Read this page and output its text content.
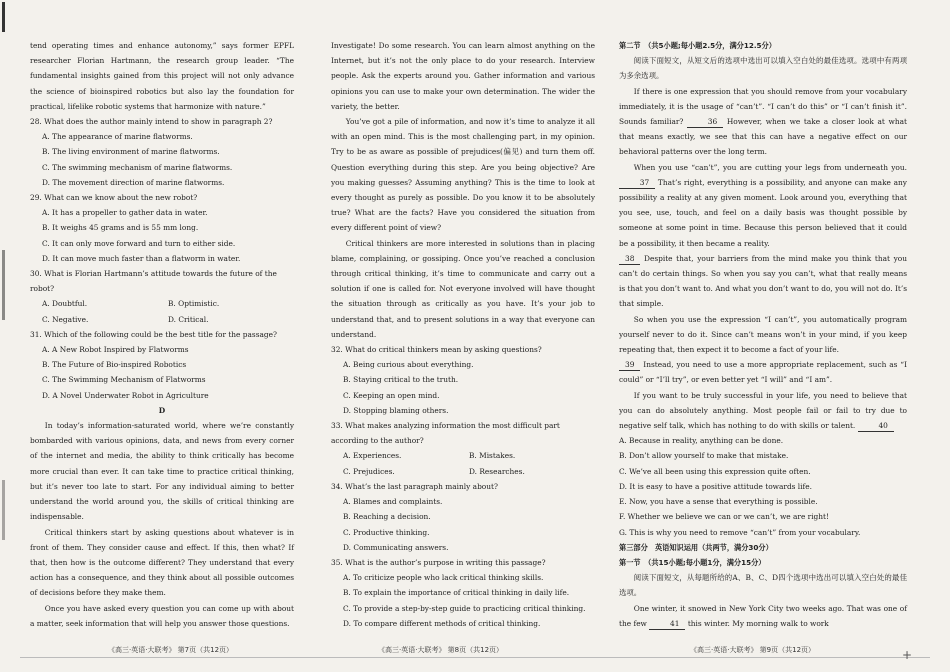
tend operating times and enhance autonomy,” says former EPFL researcher Florian Hartmann, the research group leader. “The fundamental insights gained from this project will not only advance the science of bioinspired robotics but also lay the foundation for practical, lifelike robotic systems that harmonize with nature.”

28. What does the author mainly intend to show in paragraph 2?

A. The appearance of marine flatworms.

B. The living environment of marine flatworms.

C. The swimming mechanism of marine flatworms.

D. The movement direction of marine flatworms.

29. What can we know about the new robot?

A. It has a propeller to gather data in water.

B. It weighs 45 grams and is 55 mm long.

C. It can only move forward and turn to either side.

D. It can move much faster than a flatworm in water.

30. What is Florian Hartmann’s attitude towards the future of the robot?

A. Doubtful.	B. Optimistic.
C. Negative.	D. Critical.

31. Which of the following could be the best title for the passage?

A. A New Robot Inspired by Flatworms

B. The Future of Bio-inspired Robotics

C. The Swimming Mechanism of Flatworms

D. A Novel Underwater Robot in Agriculture

D

In today’s information-saturated world, where we’re constantly bombarded with various opinions, data, and news from every corner of the internet and media, the ability to think critically has become more crucial than ever. It can take time to practice critical thinking, but it’s never too late to start. For any individual aiming to better understand the world around you, the skills of critical thinking are indispensable.

Critical thinkers start by asking questions about whatever is in front of them. They consider cause and effect. If this, then what? If that, then how is the outcome different? They understand that every action has a consequence, and they think about all possible outcomes of decisions before they make them.

Once you have asked every question you can come up with about a matter, seek information that will help you answer those questions.

Investigate! Do some research. You can learn almost anything on the Internet, but it’s not the only place to do your research. Interview people. Ask the experts around you. Gather information and various opinions you can use to make your own determination. The wider the variety, the better.

You’ve got a pile of information, and now it’s time to analyze it all with an open mind. This is the most challenging part, in my opinion. Try to be as aware as possible of prejudices(偏见) and turn them off. Question everything during this step. Are you being objective? Are you making guesses? Assuming anything? This is the time to look at every thought as purely as possible. Do you know it to be absolutely true? What are the facts? Have you considered the situation from every different point of view?

Critical thinkers are more interested in solutions than in placing blame, complaining, or gossiping. Once you’ve reached a conclusion through critical thinking, it’s time to communicate and carry out a solution if one is called for. Not everyone involved will have thought the situation through as critically as you have. It’s your job to understand that, and to present solutions in a way that everyone can understand.

32. What do critical thinkers mean by asking questions?

A. Being curious about everything.

B. Staying critical to the truth.

C. Keeping an open mind.

D. Stopping blaming others.

33. What makes analyzing information the most difficult part according to the author?

A. Experiences.	B. Mistakes.
C. Prejudices.	D. Researches.

34. What’s the last paragraph mainly about?

A. Blames and complaints.

B. Reaching a decision.

C. Productive thinking.

D. Communicating answers.

35. What is the author’s purpose in writing this passage?

A. To criticize people who lack critical thinking skills.

B. To explain the importance of critical thinking in daily life.

C. To provide a step-by-step guide to practicing critical thinking.

D. To compare different methods of critical thinking.

第二节　（共5小题;每小题2.5分，满分12.5分）

阅读下面短文，从短文后的选项中选出可以填入空白处的最佳选项。选项中有两项为多余选项。

If there is one expression that you should remove from your vocabulary immediately, it is the usage of “can’t”. “I can’t do this” or “I can’t finish it”. Sounds familiar?	36 However, when we take a closer look at what that means exactly, we see that this can have a negative effect on our behavioral patterns over the long term.

When you use “can’t”, you are cutting your legs from underneath you. 37 That’s right, everything is a possibility, and anyone can make any possibility a reality at any given moment. Look around you, everything that you see, use, touch, and feel on a daily basis was thought possible by someone at some point in time. Because this person believed that it could be a possibility, it then became a reality.

38 Despite that, your barriers from the mind make you think that you can’t do certain things. So when you say you can’t, what that really means is that you don’t want to. And what you don’t want to do, you will not do. It’s that simple.

So when you use the expression “I can’t”, you automatically program yourself never to do it. Since can’t means won’t in your mind, if you keep repeating that, then expect it to become a fact of your life.

39 Instead, you need to use a more appropriate replacement, such as “I could” or “I’ll try”, or even better yet “I will” and “I am”.

If you want to be truly successful in your life, you need to believe that you can do absolutely anything. Most people fail or fail to try due to negative self talk, which has nothing to do with skills or talent.	40

A. Because in reality, anything can be done.

B. Don’t allow yourself to make that mistake.

C. We’ve all been using this expression quite often.

D. It is easy to have a positive attitude towards life.

E. Now, you have a sense that everything is possible.

F. Whether we believe we can or we can’t, we are right!

G. This is why you need to remove “can’t” from your vocabulary.

第三部分　英语知识运用（共两节，满分30分）

第一节　（共15小题;每小题1分，满分15分）

阅读下面短文，从每题所给的A、B、C、D四个选项中选出可以填入空白处的最佳选项。

One winter, it snowed in New York City two weeks ago. That was one of the few	41 this winter. My morning walk to work

《高三·英语·大联考》 第7页（共12页）	《高三·英语·大联考》 第8页（共12页）	《高三·英语·大联考》 第9页（共12页）	+
